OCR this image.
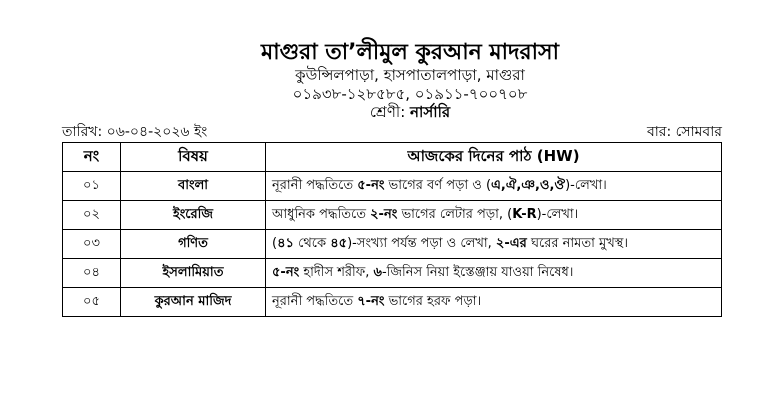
মাগুরা তা’লীমুল কুরআন মাদরাসা
কুউন্সিলপাড়া, হাসপাতালপাড়া, মাগুরা
০১৯৩৮-১২৮৫৮৫, ০১৯১১-৭০০৭০৮
শ্রেণী: নার্সারি
তারিখ: ০৬-০৪-২০২৬ ইং	বার: সোমবার
নং	বিষয়	আজকের দিনের পাঠ (HW)
০১	বাংলা	নূরানী পদ্ধতিতে ৫-নং ভাগের বর্ণ পড়া ও (এ,ঐ,ঞ,ও,ঔ)-লেখা।
০২	ইংরেজি	আধুনিক পদ্ধতিতে ২-নং ভাগের লেটার পড়া, (K-R)-লেখা।
০৩	গণিত	(৪১ থেকে ৪৫)-সংখ্যা পর্যন্ত পড়া ও লেখা, ২-এর ঘরের নামতা মুখস্থ।
০৪	ইসলামিয়াত	৫-নং হাদীস শরীফ, ৬-জিনিস নিয়া ইস্তেঞ্জায় যাওয়া নিষেধ।
০৫	কুরআন মাজিদ	নূরানী পদ্ধতিতে ৭-নং ভাগের হরফ পড়া।
